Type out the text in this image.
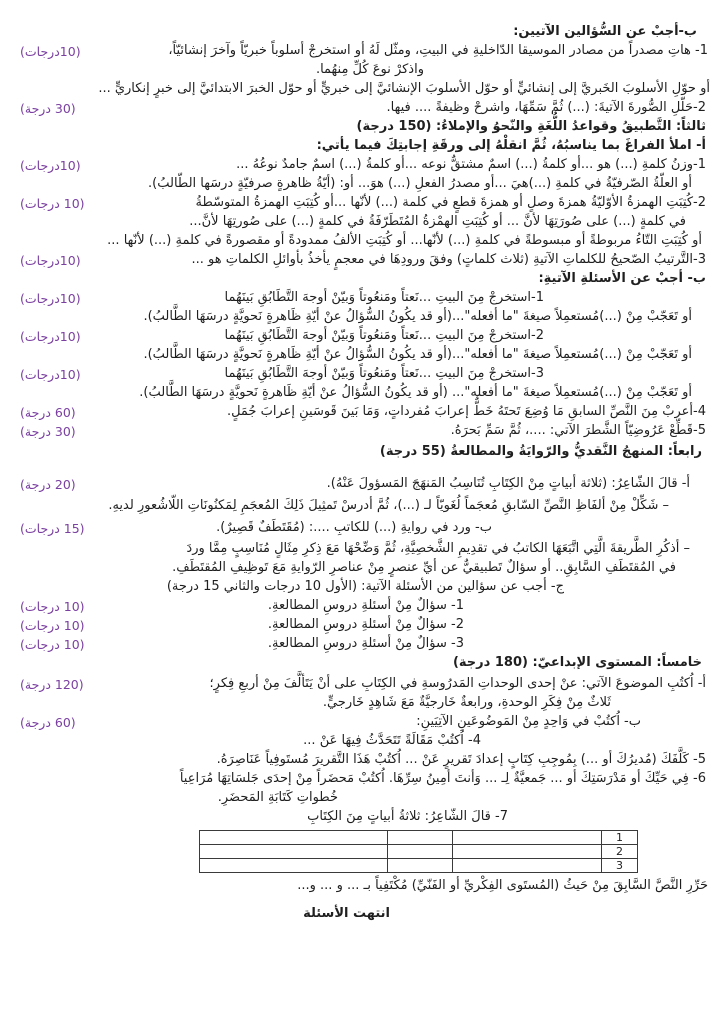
ب-أجبْ عن السُّؤالين الآتيين:
1- هاتِ مصدراً من مصادر الموسيقا الدّاخليةِ في البيتِ، ومثّل لَهُ أو استخرجْ أسلوباً خبريّاً وآخرَ إنشائيّاً،
(10درجات)
واذكرْ نوعَ كُلِّ مِنهُما.
أو حوّلِ الأسلوبَ الخَبريَّ إلى إنشائيٍّ أو حوّل الأسلوبَ الإنشائيَّ إلى خبريٍّ أو حوّل الخبرَ الابتدائيَّ إلى خبرٍ إنكاريٍّ ...
2-حَلّلِ الصُّورةَ الآتيةَ: (...) ثُمَّ سَمِّهَا، واشرحْ وظيفةً .... فيها.
(30 درجة)
ثالثاً: التَّطبيقُ وقواعدُ اللُّغَةِ والنّحوُ والإملاءُ: (150 درجة)
أ- املأ الفراغَ بما يناسبُهُ، ثُمَّ انقلْهُ إلى ورقَةِ إجابتِكَ فيما يأتي:
1-وزنُ كلمةِ (...) هو ...أو كلمةُ (...) اسمٌ مشتقٌّ نوعه ...أو كلمةُ (...) اسمٌ جامدٌ نوعُهُ ...
(10درجات)
أو العلّةُ الصّرفيّةُ في كلمةِ (...)هيَ ...أو مصدرُ الفعلِ (...) هوَ... أو: (أيّةُ ظاهرةٍ صرفيّةٍ درسَها الطّالبُ).
2-كُتِبَتِ الهمزةُ الأوّليّةُ همزةَ وصلٍ أو همزةَ قطعٍ في كلمة (...) لأنّها ...أو كُتِبَتِ الهمزةُ المتوسّطةُ
(10 درجات)
في كلمةٍ (...) على صُورَتِهَا لأنَّ ... أو كُتِبَتِ الهمْزةُ المُتَطَرّفَةُ في كلمةٍ (...) على صُورتِهَا لأنَّ...
أو كُتِبَتِ التّاءُ مربوطةً أو مبسوطةً في كلمةِ (...) لأنّها... أو كُتِبَتِ الألفُ ممدودةً أو مقصورةً في كلمةِ (...) لأنّها ...
3-التَّرتيبُ الصّحيحُ للكلماتِ الآتيةِ (ثلاث كلماتٍ) وفقَ ورودِهَا في معجمٍ يأخذُ بأوائلِ الكلماتِ هو ...
(10درجات)
ب- أجبْ عن الأسئلةِ الآتيةِ:
1-استخرجْ مِنَ البيتِ ...نَعتاً ومَنعُوتاً وَبيّنْ أوجهَ التَّطَابُقِ بَينَهُما
(10درجات)
أو تَعَجّبْ مِنْ (...)مُستعمِلاً صيغةَ "ما أفعله"...(أو قد يكُونُ السُّؤالُ عنْ أيّةِ ظَاهرةٍ نَحويَّةٍ درسَهَا الطَّالبُ).
2-استخرجْ مِنَ البيتِ ...نَعتاً ومَنعُوتاً وَبيّنْ أوجهَ التَّطَابُقِ بَينَهُما
(10درجات)
أو تَعَجّبْ مِنْ (...)مُستعمِلاً صيغةَ "ما أفعله"...(أو قد يكُونُ السُّؤالُ عنْ أيّةِ ظَاهرةٍ نَحويَّةٍ درسَهَا الطَّالبُ).
3-استخرجْ مِنَ البيتِ ...نَعتاً ومَنعُوتاً وَبيّنْ أوجهَ التَّطَابُقِ بَينَهُما
(10درجات)
أو تَعَجّبْ مِنْ (...)مُستعمِلاً صيغةَ "ما أفعله"... (أو قد يكُونُ السُّؤالُ عنْ أيّةِ ظَاهرةٍ نَحويَّةٍ درسَهَا الطَّالبُ).
4-أعربْ مِنَ النَّصِّ السابقِ مَا وُضِعَ تَحتَهُ خَطٌّ إعرابَ مُفرداتٍ، وَمَا بَينَ قَوسَينِ إعرابَ جُمَلٍ.
(60 درجة)
5-قَطِّعْ عَرُوضِيّاً الشَّطرَ الآتي: ....، ثُمَّ سَمِّ بَحرَهُ.
(30 درجة)
رابعاً: المنهجُ النَّقديُّ والرّوايَةُ والمطالعةُ (55 درجة)
أ- قالَ الشّاعِرُ: (ثلاثة أبياتٍ مِنْ الكِتَابِ تُنَاسِبُ المَنهَجَ المَسؤولَ عَنْهُ).
(20 درجة)
– شَكِّلْ مِنْ ألفَاظِ النَّصِّ السّابقِ مُعجَماً لُغَويّاً لـ (...)، ثُمَّ أدرسْ تَمثِيلَ ذَلِكَ المُعجَمِ لِمَكنُونَاتِ اللّاشُعورِ لديهِ.
ب- ورد في روايةِ (...) للكاتبِ ....: (مُقَتَطَفٌ قَصِيرٌ).
(15 درجات)
– أذكُرِ الطَّريقةَ الَّتِي اتَّبَعَهَا الكاتبُ في تقدِيمِ الشَّخصِيَّةِ، ثُمَّ وَضِّحْهَا مَعَ ذِكرِ مِثَالٍ مُنَاسِبٍ مِمَّا وردَ
في المُقتَطَفِ السَّابِقِ.. أو سؤالٌ تَطبيقيٌّ عن أيِّ عنصرٍ مِنْ عناصرِ الرّوايةِ مَعَ تَوظِيفِ المُقتَطَفِ.
ج- أجب عن سؤالين من الأسئلة الآتية: (الأول 10 درجات والثاني 15 درجة)
1- سؤالٌ مِنْ أسئلةِ دروسِ المطالعةِ.
(10 درجات)
2- سؤالٌ مِنْ أسئلةِ دروسِ المطالعةِ.
(10 درجات)
3- سؤالٌ مِنْ أسئلةِ دروسِ المطالعةِ.
(10 درجات)
خامساً: المستوى الإبداعيّ: (180 درجة)
أ- اُكتُبِ الموضوعَ الآتي: عنْ إحدى الوحداتِ المَدرُوسةِ في الكِتَابِ على أنْ يَتَألَّفَ مِنْ أربعِ فِكرٍ؛
(120 درجة)
ثَلاثٌ مِنْ فِكَرِ الوحدةِ، ورابعةٌ خَارجيَّةٌ مَعَ شَاهِدٍ خَارجيٍّ.
ب- اُكتُبْ في وَاحِدٍ مِنْ المَوضُوعَينِ الآتِيَينِ:
(60 درجة)
4- اُكتُبْ مَقَالَةً تَتَحَدَّثُ فِيهَا عَنْ ...
5- كَلَّفَكَ (مُديرُكَ أو ...) بِمُوجِبِ كِتَابٍ إعدادَ تَقريرٍ عَنْ ... اُكتُبْ هَذَا التَّقريرَ مُستَوفِياً عَنَاصِرَهُ.
6- فِي حَيِّكَ أو مَدْرَسَتِكَ أو ... جَمعيَّةٌ لِـ ... وَأنتَ أمِينُ سِرِّهَا. اُكتُبْ مَحضَراً مِنْ إحدَى جَلسَاتِهَا مُرَاعِياً
خُطواتِ كَتَابَةِ المَحضَرِ.
7- قالَ الشّاعِرُ: ثلاثةُ أبياتٍ مِنَ الكِتَابِ
			1
			2
			3
حَرِّرِ النَّصَّ السَّابِقَ مِنْ حَيثُ (المُستَوى الفِكْريِّ أو الفَنّيِّ) مُكْتَفِياً بـ ... و ... و...
انتهت الأسئلة
